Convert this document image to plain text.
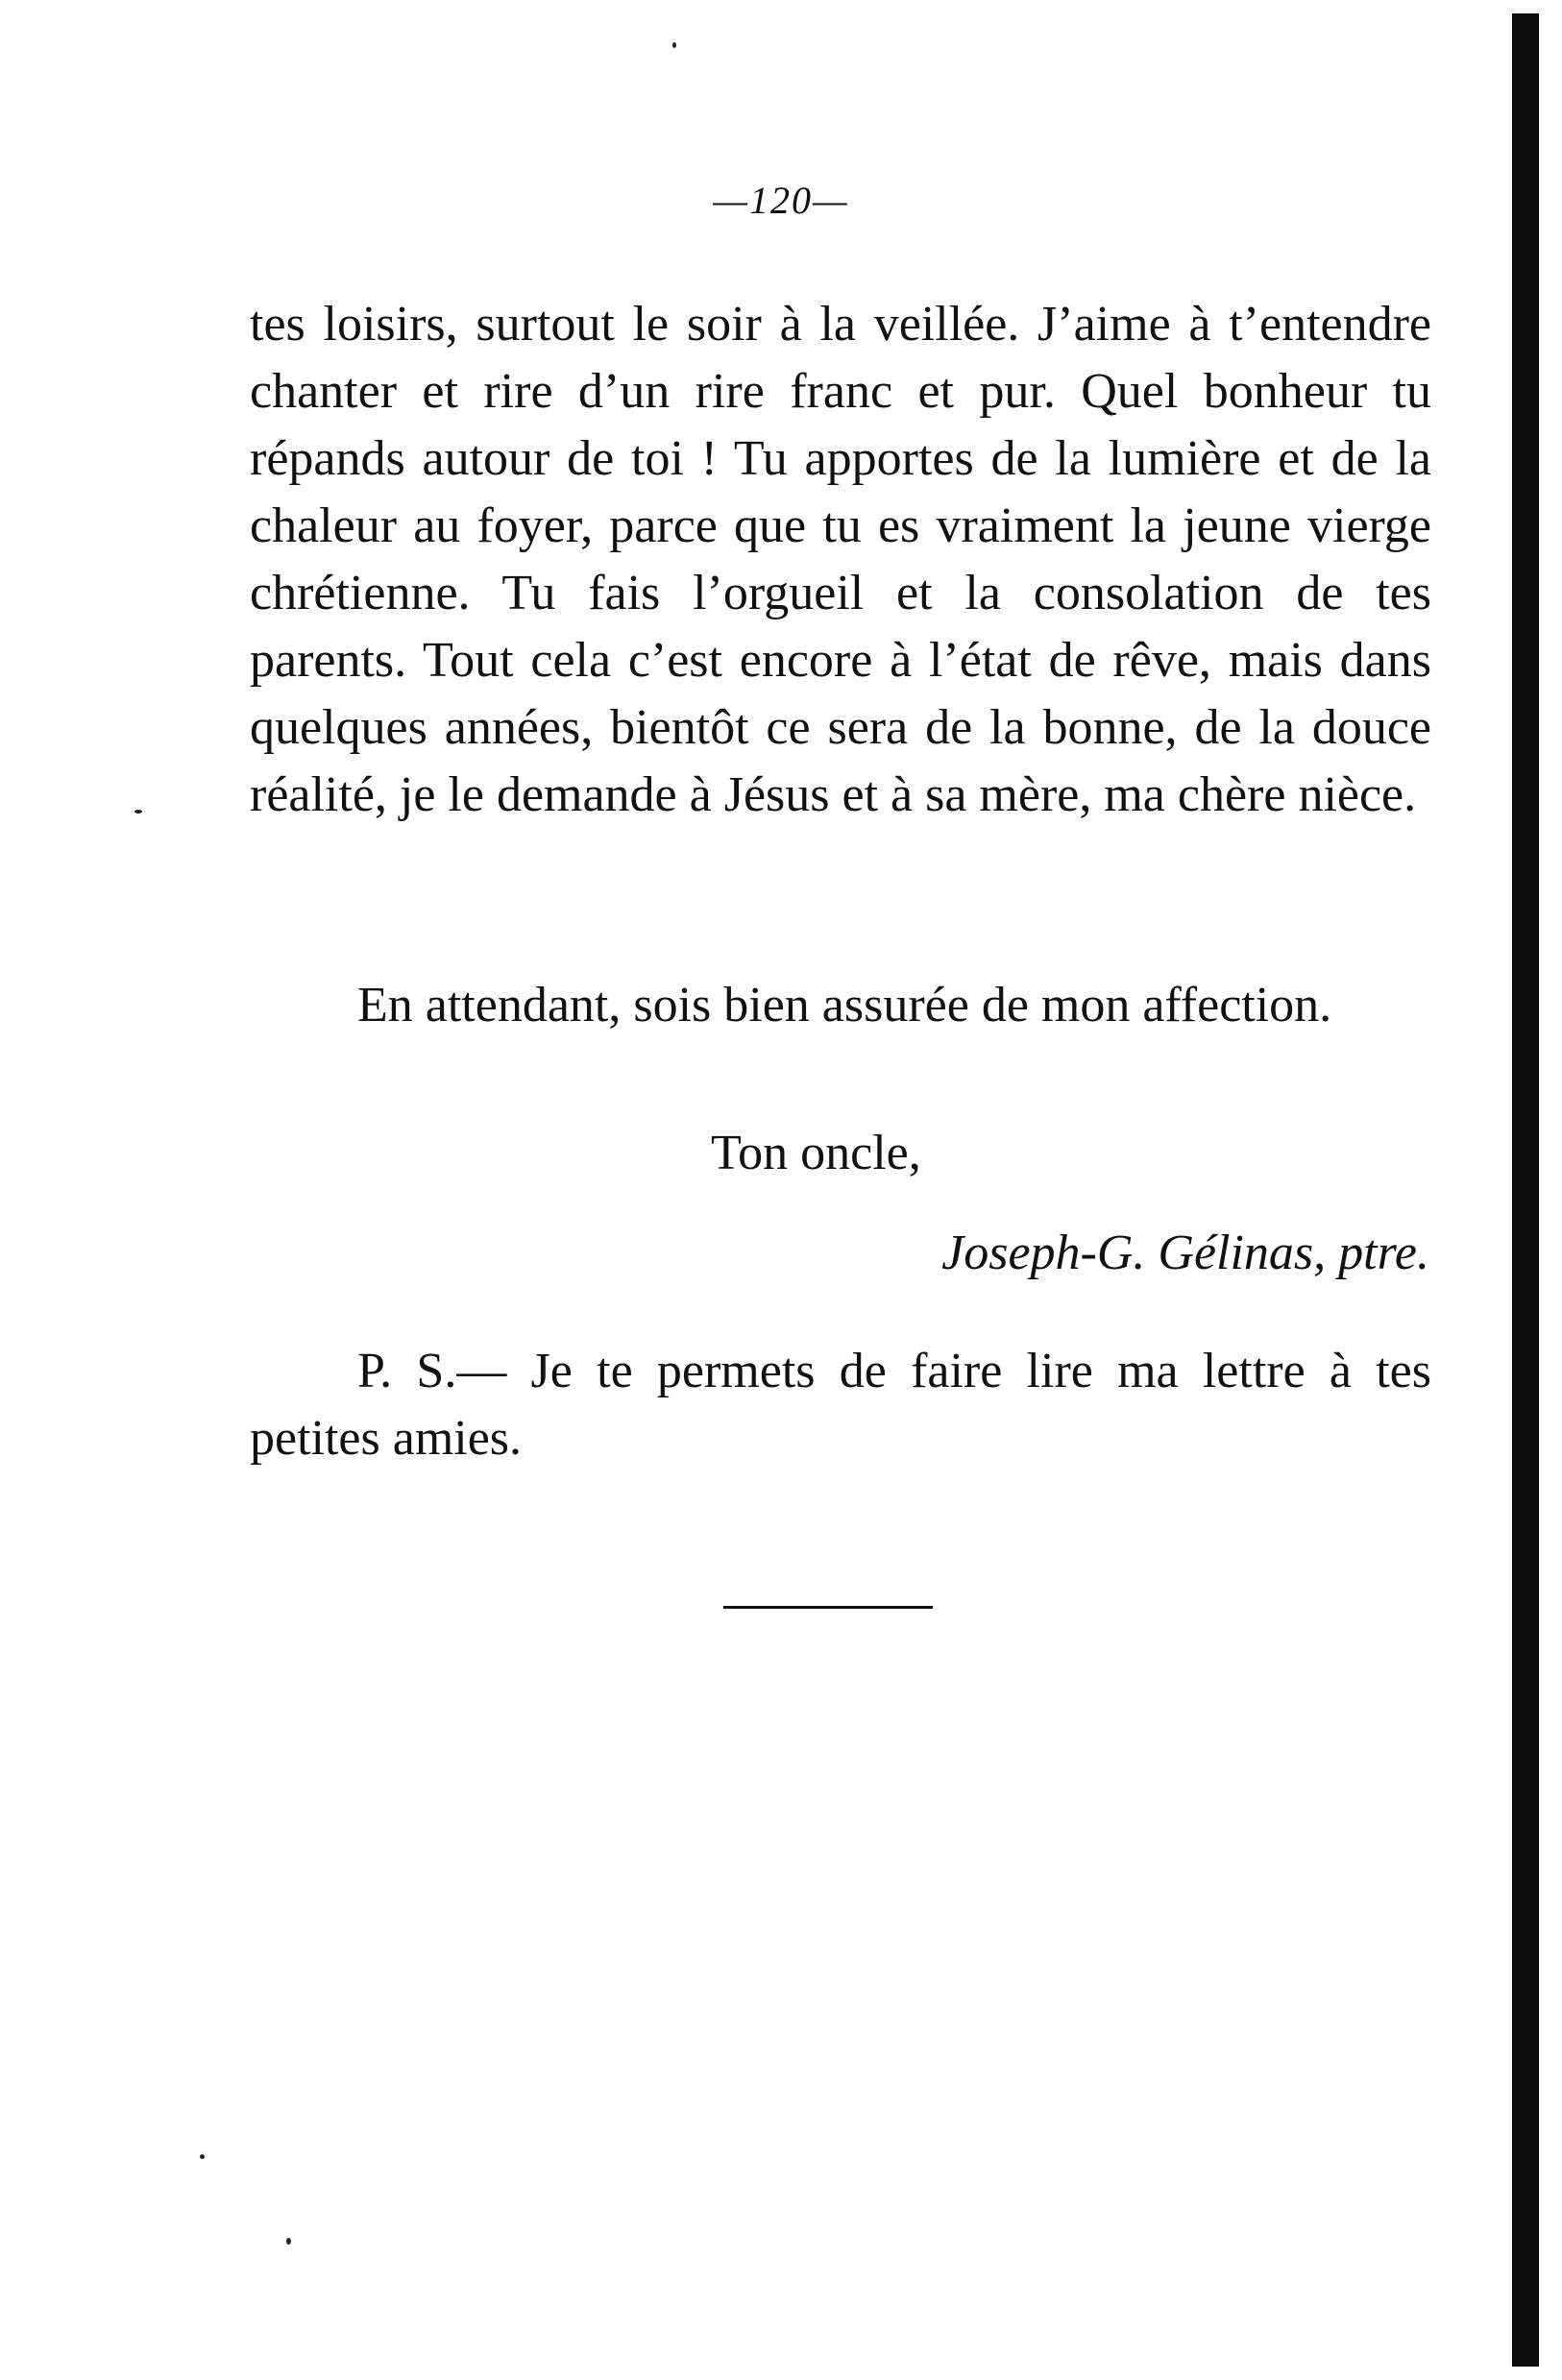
—120—

tes loisirs, surtout le soir à la veillée. J’aime à t’entendre chanter et rire d’un rire franc et pur. Quel bonheur tu répands autour de toi ! Tu apportes de la lumière et de la chaleur au foyer, parce que tu es vraiment la jeune vierge chrétienne. Tu fais l’orgueil et la consolation de tes parents. Tout cela c’est encore à l’état de rêve, mais dans quelques années, bientôt ce sera de la bonne, de la douce réalité, je le demande à Jésus et à sa mère, ma chère nièce.

En attendant, sois bien assurée de mon affection.

Ton oncle,
Joseph-G. Gélinas, ptre.

P. S.— Je te permets de faire lire ma lettre à tes petites amies.
